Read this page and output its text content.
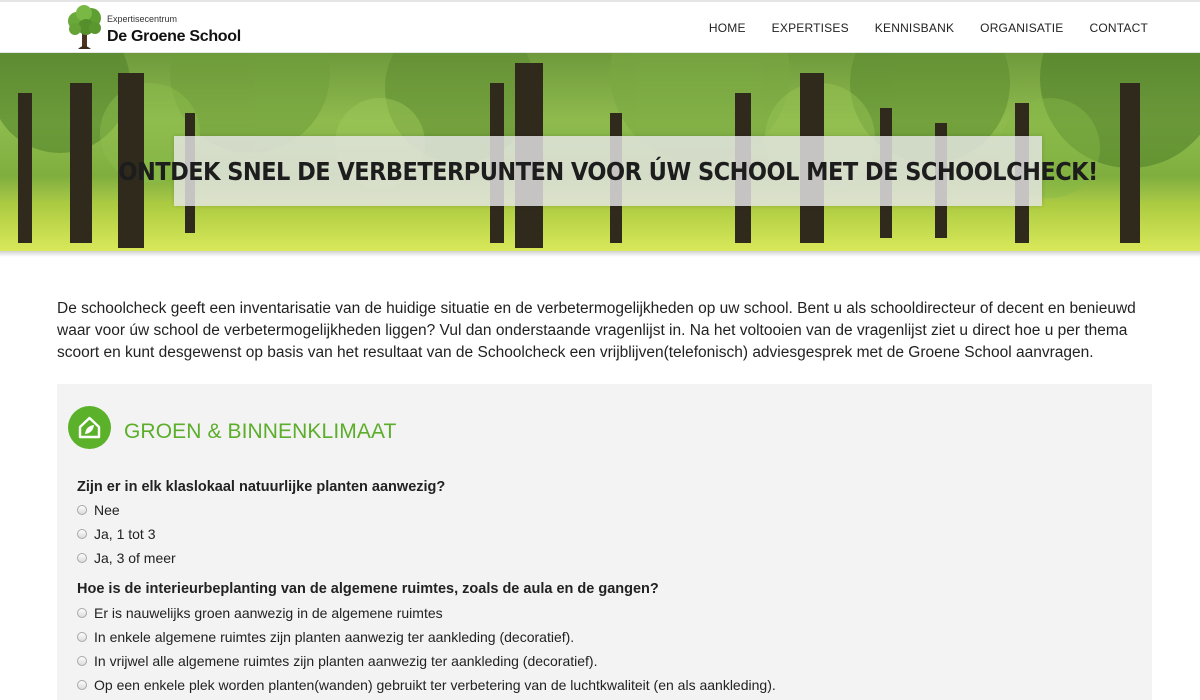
Expertisecentrum
De Groene School
HOME EXPERTISES KENNISBANK ORGANISATIE CONTACT
ONTDEK SNEL DE VERBETERPUNTEN VOOR ÚW SCHOOL MET DE SCHOOLCHECK!
De schoolcheck geeft een inventarisatie van de huidige situatie en de verbetermogelijkheden op uw school. Bent u als schooldirecteur of decent en benieuwd waar voor úw school de verbetermogelijkheden liggen? Vul dan onderstaande vragenlijst in. Na het voltooien van de vragenlijst ziet u direct hoe u per thema scoort en kunt desgewenst op basis van het resultaat van de Schoolcheck een vrijblijven(telefonisch) adviesgesprek met de Groene School aanvragen.
GROEN & BINNENKLIMAAT
Zijn er in elk klaslokaal natuurlijke planten aanwezig?
Nee
Ja, 1 tot 3
Ja, 3 of meer
Hoe is de interieurbeplanting van de algemene ruimtes, zoals de aula en de gangen?
Er is nauwelijks groen aanwezig in de algemene ruimtes
In enkele algemene ruimtes zijn planten aanwezig ter aankleding (decoratief).
In vrijwel alle algemene ruimtes zijn planten aanwezig ter aankleding (decoratief).
Op een enkele plek worden planten(wanden) gebruikt ter verbetering van de luchtkwaliteit (en als aankleding).
